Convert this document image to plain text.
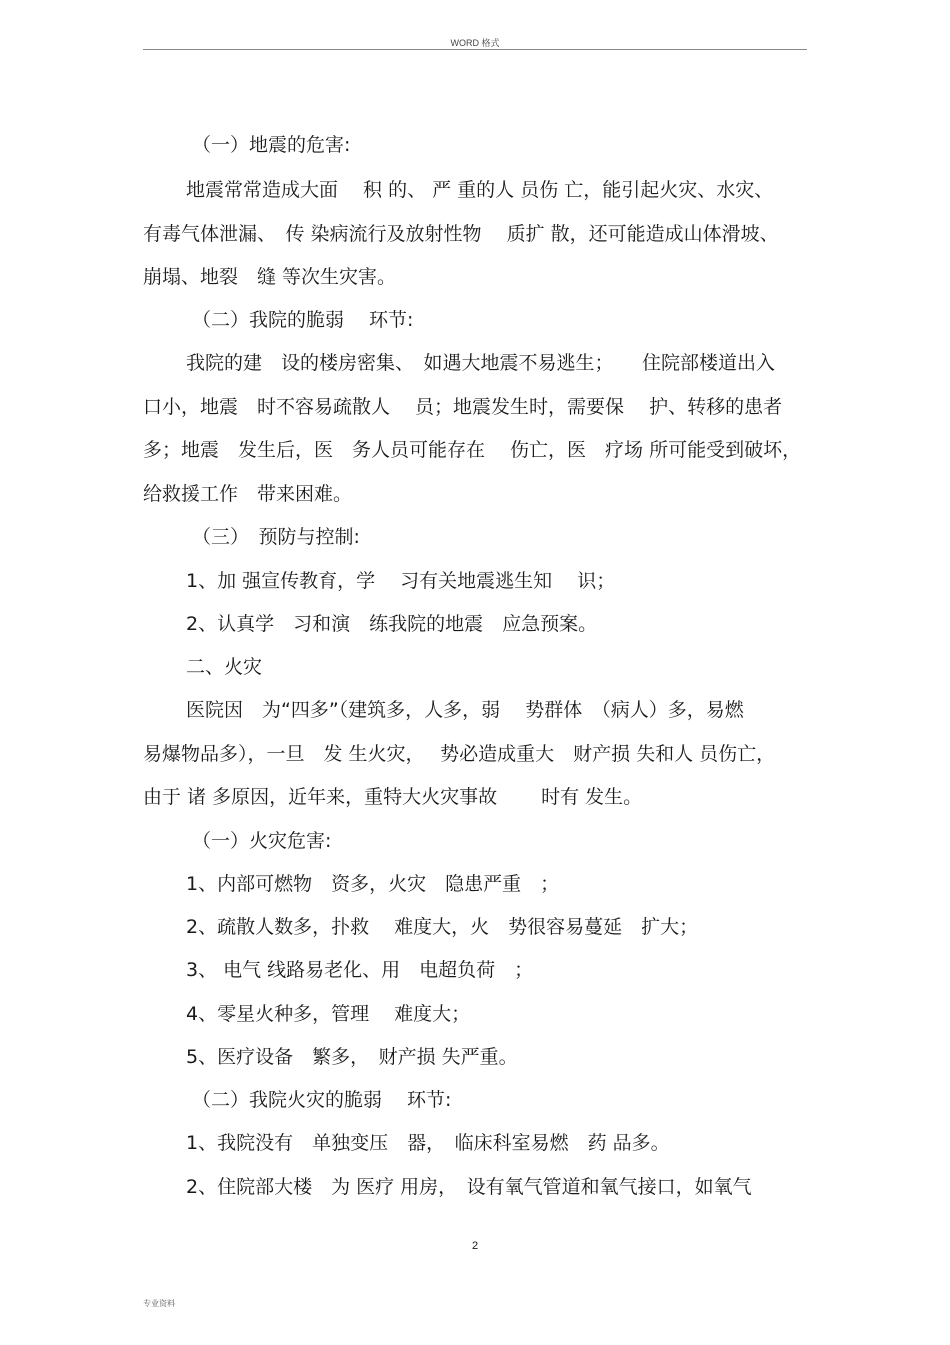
WORD 格式
（一）地震的危害:
地震常常造成大面　 积 的、 严 重的人 员伤 亡，能引起火灾、水灾、
有毒气体泄漏、　传 染病流行及放射性物　 质扩 散，还可能造成山体滑坡、
崩塌、地裂　缝 等次生灾害。
（二）我院的脆弱　 环节:
我院的建　设的楼房密集、　如遇大地震不易逃生；　　住院部楼道出入
口小，地震　时不容易疏散人　 员；地震发生时，需要保　 护、转移的患者
多；地震　发生后，医　务人员可能存在　 伤亡，医　疗场 所可能受到破坏，
给救援工作　带来困难。
（三）　预防与控制:
1、加 强宣传教育，学　 习有关地震逃生知　 识；
2、认真学　习和演　练我院的地震　应急预案。
二、火灾
医院因　为“四多”（建筑多，人多，弱　 势群体　（病人）多，易燃
易爆物品多），一旦　发 生火灾，　 势必造成重大　财产损 失和人 员伤亡，
由于 诸 多原因，近年来，重特大火灾事故　　 时有 发生。
（一）火灾危害:
1、内部可燃物　资多，火灾　隐患严重　；
2、疏散人数多，扑救　 难度大，火　势很容易蔓延　扩大；
3、 电气 线路易老化、用　电超负荷　；
4、零星火种多，管理　 难度大；
5、医疗设备　繁多，　财产损 失严重。
（二）我院火灾的脆弱　 环节:
1、我院没有　单独变压　器，　临床科室易燃　药 品多。
2、住院部大楼　为 医疗 用房，　设有氧气管道和氧气接口，如氧气
2
专业资料
